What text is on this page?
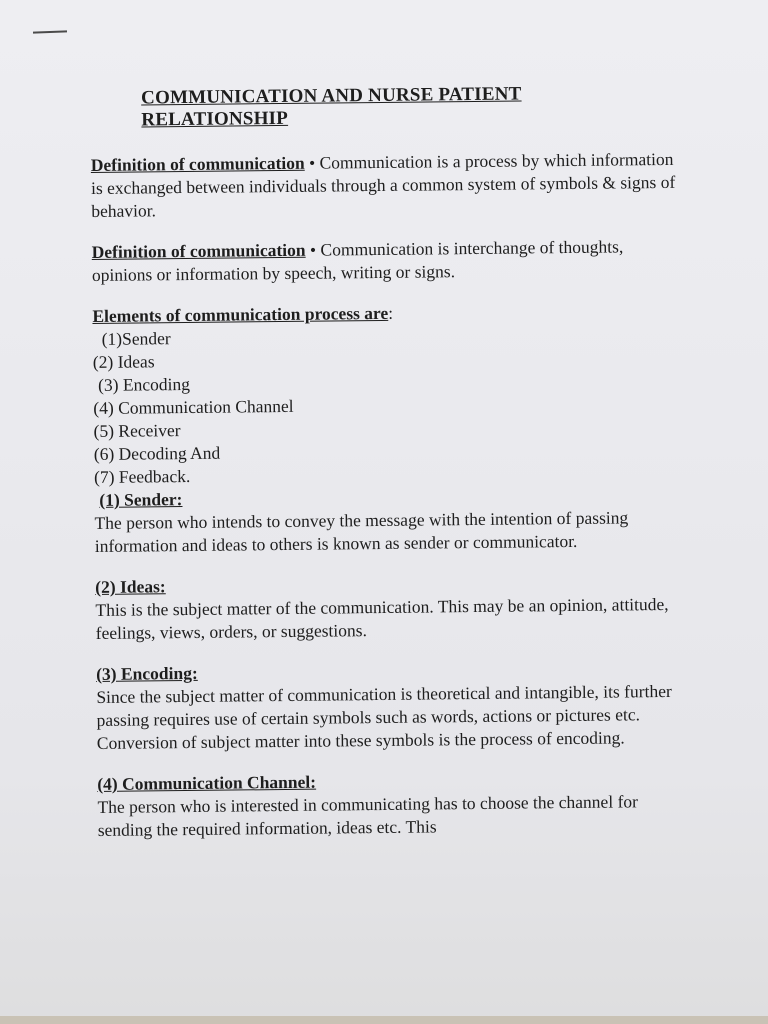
COMMUNICATION AND NURSE PATIENT RELATIONSHIP

Definition of communication • Communication is a process by which information is exchanged between individuals through a common system of symbols & signs of behavior.

Definition of communication • Communication is interchange of thoughts, opinions or information by speech, writing or signs.

Elements of communication process are:

(1)Sender
(2) Ideas
(3) Encoding
(4) Communication Channel
(5) Receiver
(6) Decoding And
(7) Feedback.

(1) Sender:

The person who intends to convey the message with the intention of passing information and ideas to others is known as sender or communicator.

(2) Ideas:

This is the subject matter of the communication. This may be an opinion, attitude, feelings, views, orders, or suggestions.

(3) Encoding:

Since the subject matter of communication is theoretical and intangible, its further passing requires use of certain symbols such as words, actions or pictures etc. Conversion of subject matter into these symbols is the process of encoding.

(4) Communication Channel:

The person who is interested in communicating has to choose the channel for sending the required information, ideas etc. This
